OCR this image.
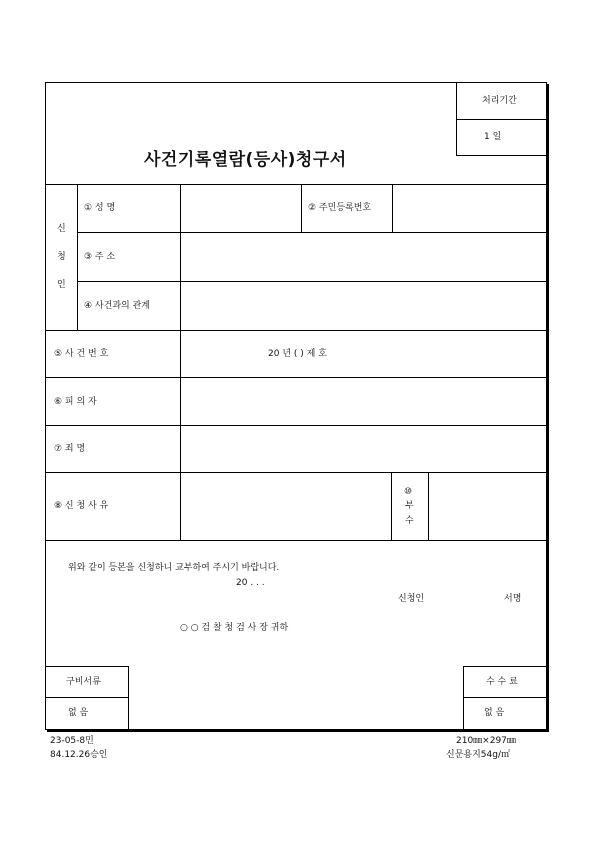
사건기록열람(등사)청구서
처리기간
1 일
신
청
인
① 성 명	② 주민등록번호
③ 주 소
④ 사건과의 관계
⑤ 사 건 번 호	20 년 ( ) 제 호
⑥ 피 의 자
⑦ 죄 명
⑧ 신 청 사 유
⑩
부
수
위와 같이 등본을 신청하니 교부하여 주시기 바랍니다.
20 . . .
신청인	서명
○ ○ 검 찰 청 검 사 장 귀하
구비서류
없 음
수 수 료
없 음
23-05-8민
84.12.26승인
210㎜×297㎜
신문용지54g/㎡
